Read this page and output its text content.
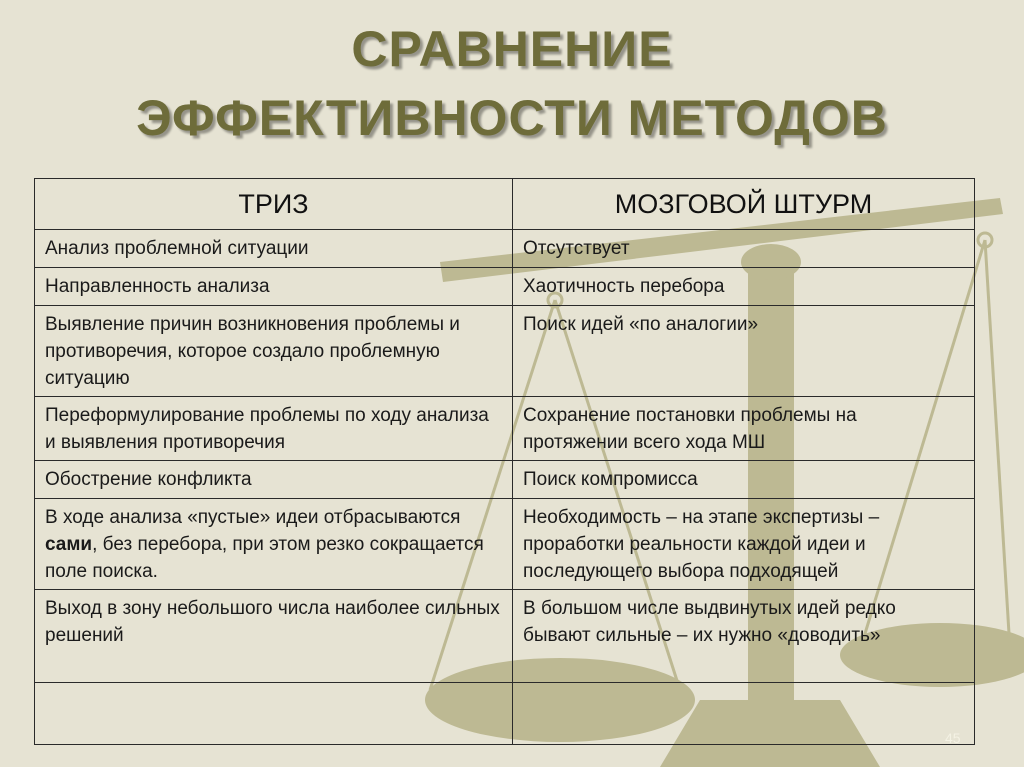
СРАВНЕНИЕ
ЭФФЕКТИВНОСТИ МЕТОДОВ
ТРИЗ	МОЗГОВОЙ ШТУРМ
Анализ проблемной ситуации	Отсутствует
Направленность анализа	Хаотичность перебора
Выявление причин возникновения проблемы и противоречия, которое создало проблемную ситуацию	Поиск идей «по аналогии»
Переформулирование проблемы по ходу анализа и выявления противоречия	Сохранение постановки проблемы на протяжении всего хода МШ
Обострение конфликта	Поиск компромисса
В ходе анализа «пустые» идеи отбрасываются сами, без перебора, при этом резко сокращается поле поиска.	Необходимость – на этапе экспертизы – проработки реальности каждой идеи и последующего выбора подходящей
Выход в зону небольшого числа наиболее сильных решений	В большом числе выдвинутых идей редко бывают сильные – их нужно «доводить»

45
